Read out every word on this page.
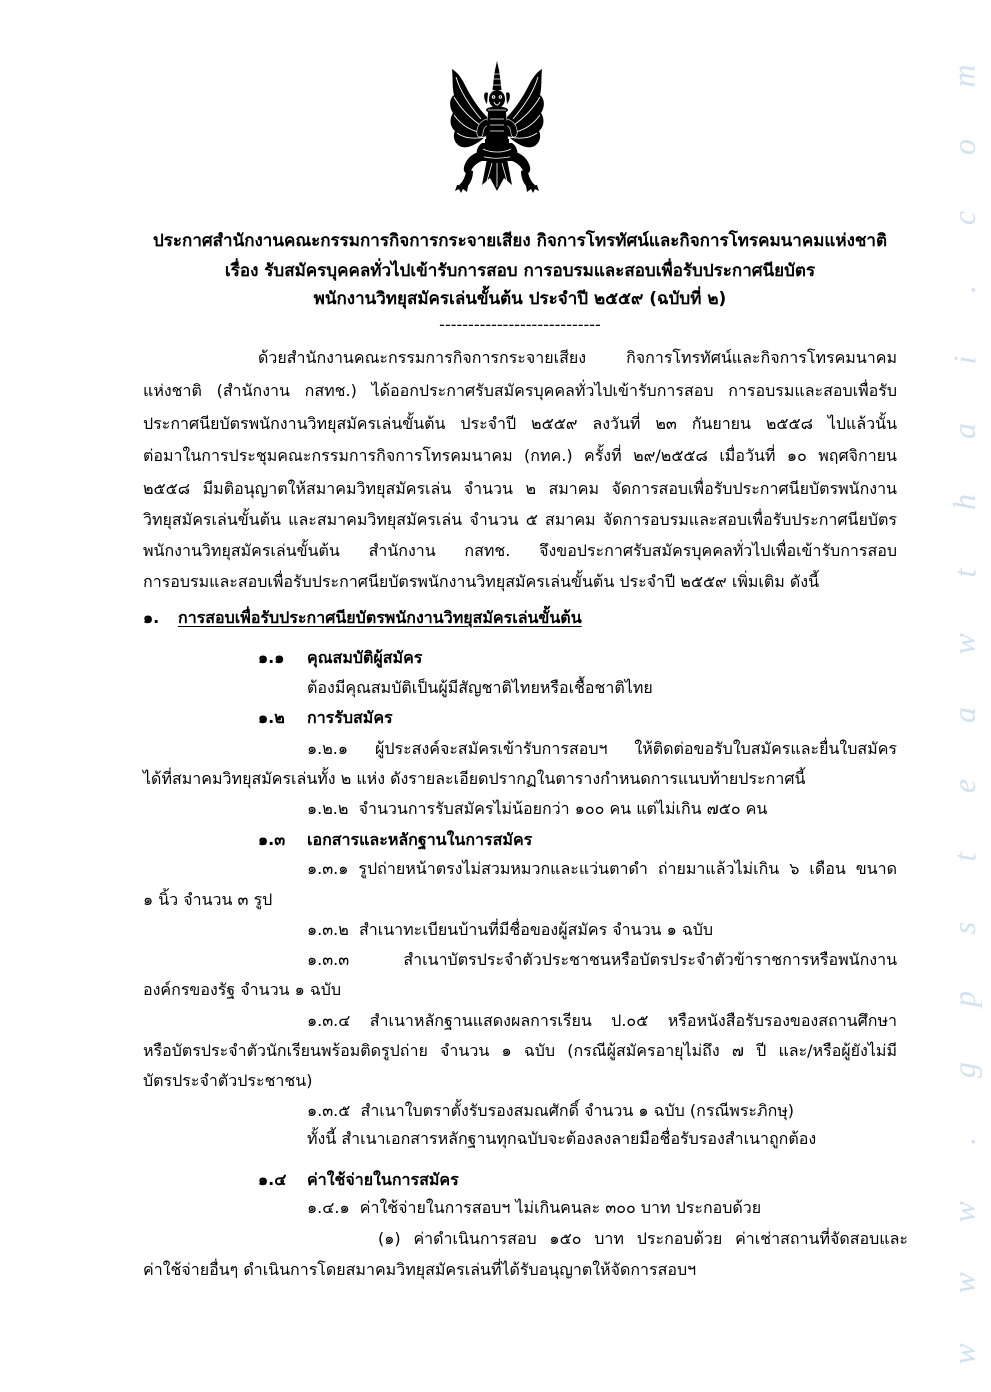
ประกาศสำนักงานคณะกรรมการกิจการกระจายเสียง กิจการโทรทัศน์และกิจการโทรคมนาคมแห่งชาติ
เรื่อง รับสมัครบุคคลทั่วไปเข้ารับการสอบ การอบรมและสอบเพื่อรับประกาศนียบัตร
พนักงานวิทยุสมัครเล่นขั้นต้น ประจำปี ๒๕๕๙ (ฉบับที่ ๒)
----------------------------
ด้วยสำนักงานคณะกรรมการกิจการกระจายเสียง กิจการโทรทัศน์และกิจการโทรคมนาคม
แห่งชาติ (สำนักงาน กสทช.) ได้ออกประกาศรับสมัครบุคคลทั่วไปเข้ารับการสอบ การอบรมและสอบเพื่อรับ
ประกาศนียบัตรพนักงานวิทยุสมัครเล่นขั้นต้น ประจำปี ๒๕๕๙ ลงวันที่ ๒๓ กันยายน ๒๕๕๘ ไปแล้วนั้น
ต่อมาในการประชุมคณะกรรมการกิจการโทรคมนาคม (กทค.) ครั้งที่ ๒๙/๒๕๕๘ เมื่อวันที่ ๑๐ พฤศจิกายน
๒๕๕๘ มีมติอนุญาตให้สมาคมวิทยุสมัครเล่น จำนวน ๒ สมาคม จัดการสอบเพื่อรับประกาศนียบัตรพนักงาน
วิทยุสมัครเล่นขั้นต้น และสมาคมวิทยุสมัครเล่น จำนวน ๕ สมาคม จัดการอบรมและสอบเพื่อรับประกาศนียบัตร
พนักงานวิทยุสมัครเล่นขั้นต้น สำนักงาน กสทช. จึงขอประกาศรับสมัครบุคคลทั่วไปเพื่อเข้ารับการสอบ
การอบรมและสอบเพื่อรับประกาศนียบัตรพนักงานวิทยุสมัครเล่นขั้นต้น ประจำปี ๒๕๕๙ เพิ่มเติม ดังนี้
๑. การสอบเพื่อรับประกาศนียบัตรพนักงานวิทยุสมัครเล่นขั้นต้น
๑.๑ คุณสมบัติผู้สมัคร
ต้องมีคุณสมบัติเป็นผู้มีสัญชาติไทยหรือเชื้อชาติไทย
๑.๒ การรับสมัคร
๑.๒.๑ ผู้ประสงค์จะสมัครเข้ารับการสอบฯ ให้ติดต่อขอรับใบสมัครและยื่นใบสมัคร
ได้ที่สมาคมวิทยุสมัครเล่นทั้ง ๒ แห่ง ดังรายละเอียดปรากฏในตารางกำหนดการแนบท้ายประกาศนี้
๑.๒.๒ จำนวนการรับสมัครไม่น้อยกว่า ๑๐๐ คน แต่ไม่เกิน ๗๕๐ คน
๑.๓ เอกสารและหลักฐานในการสมัคร
๑.๓.๑ รูปถ่ายหน้าตรงไม่สวมหมวกและแว่นตาดำ ถ่ายมาแล้วไม่เกิน ๖ เดือน ขนาด
๑ นิ้ว จำนวน ๓ รูป
๑.๓.๒ สำเนาทะเบียนบ้านที่มีชื่อของผู้สมัคร จำนวน ๑ ฉบับ
๑.๓.๓	สำเนาบัตรประจำตัวประชาชนหรือบัตรประจำตัวข้าราชการหรือพนักงาน
องค์กรของรัฐ จำนวน ๑ ฉบับ
๑.๓.๔ สำเนาหลักฐานแสดงผลการเรียน ป.๐๕ หรือหนังสือรับรองของสถานศึกษา
หรือบัตรประจำตัวนักเรียนพร้อมติดรูปถ่าย จำนวน ๑ ฉบับ (กรณีผู้สมัครอายุไม่ถึง ๗ ปี และ/หรือผู้ยังไม่มี
บัตรประจำตัวประชาชน)
๑.๓.๕ สำเนาใบตราตั้งรับรองสมณศักดิ์ จำนวน ๑ ฉบับ (กรณีพระภิกษุ)
ทั้งนี้ สำเนาเอกสารหลักฐานทุกฉบับจะต้องลงลายมือชื่อรับรองสำเนาถูกต้อง
๑.๔ ค่าใช้จ่ายในการสมัคร
๑.๔.๑ ค่าใช้จ่ายในการสอบฯ ไม่เกินคนละ ๓๐๐ บาท ประกอบด้วย
(๑) ค่าดำเนินการสอบ ๑๕๐ บาท ประกอบด้วย ค่าเช่าสถานที่จัดสอบและ
ค่าใช้จ่ายอื่นๆ ดำเนินการโดยสมาคมวิทยุสมัครเล่นที่ได้รับอนุญาตให้จัดการสอบฯ
w
w
w
.
g
p
s
t
e
a
w
t
h
a
i
.
c
o
m
